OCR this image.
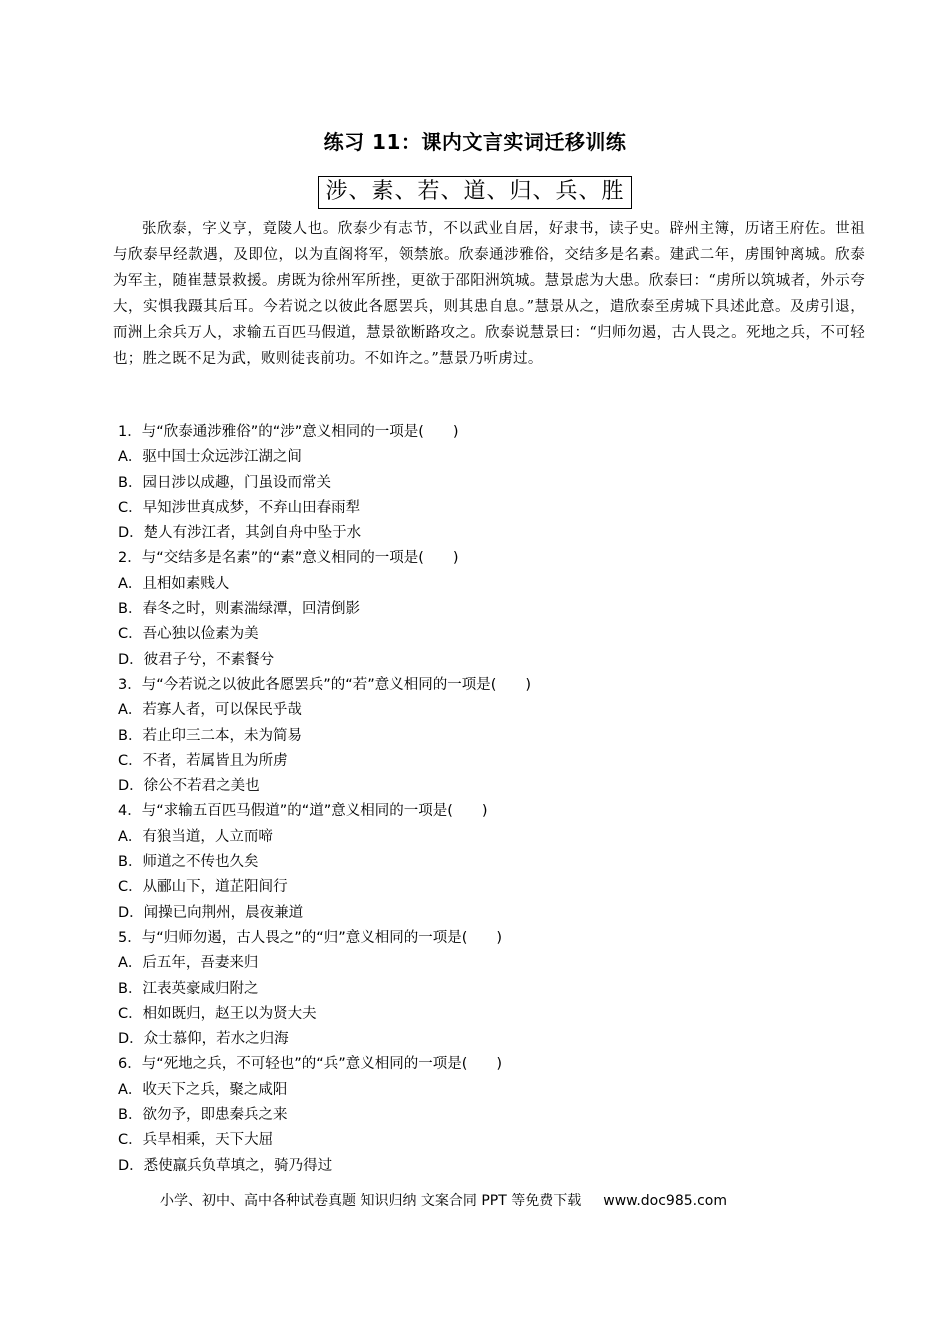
练习 11：课内文言实词迁移训练
涉、素、若、道、归、兵、胜
张欣泰，字义亨，竟陵人也。欣泰少有志节，不以武业自居，好隶书，读子史。辟州主簿，历诸王府佐。世祖与欣泰早经款遇，及即位，以为直阁将军，领禁旅。欣泰通涉雅俗，交结多是名素。建武二年，虏围钟离城。欣泰为军主，随崔慧景救援。虏既为徐州军所挫，更欲于邵阳洲筑城。慧景虑为大患。欣泰曰：“虏所以筑城者，外示夸大，实惧我蹑其后耳。今若说之以彼此各愿罢兵，则其患自息。”慧景从之，遣欣泰至虏城下具述此意。及虏引退，而洲上余兵万人，求输五百匹马假道，慧景欲断路攻之。欣泰说慧景曰：“归师勿遏，古人畏之。死地之兵，不可轻也；胜之既不足为武，败则徒丧前功。不如许之。”慧景乃听虏过。
1．与“欣泰通涉雅俗”的“涉”意义相同的一项是(　　)
A．驱中国士众远涉江湖之间
B．园日涉以成趣，门虽设而常关
C．早知涉世真成梦，不弃山田春雨犁
D．楚人有涉江者，其剑自舟中坠于水
2．与“交结多是名素”的“素”意义相同的一项是(　　)
A．且相如素贱人
B．春冬之时，则素湍绿潭，回清倒影
C．吾心独以俭素为美
D．彼君子兮，不素餐兮
3．与“今若说之以彼此各愿罢兵”的“若”意义相同的一项是(　　)
A．若寡人者，可以保民乎哉
B．若止印三二本，未为简易
C．不者，若属皆且为所虏
D．徐公不若君之美也
4．与“求输五百匹马假道”的“道”意义相同的一项是(　　)
A．有狼当道，人立而啼
B．师道之不传也久矣
C．从郦山下，道芷阳间行
D．闻操已向荆州，晨夜兼道
5．与“归师勿遏，古人畏之”的“归”意义相同的一项是(　　)
A．后五年，吾妻来归
B．江表英豪咸归附之
C．相如既归，赵王以为贤大夫
D．众士慕仰，若水之归海
6．与“死地之兵，不可轻也”的“兵”意义相同的一项是(　　)
A．收天下之兵，聚之咸阳
B．欲勿予，即患秦兵之来
C．兵旱相乘，天下大屈
D．悉使羸兵负草填之，骑乃得过
小学、初中、高中各种试卷真题 知识归纳 文案合同 PPT 等免费下载 www.doc985.com
